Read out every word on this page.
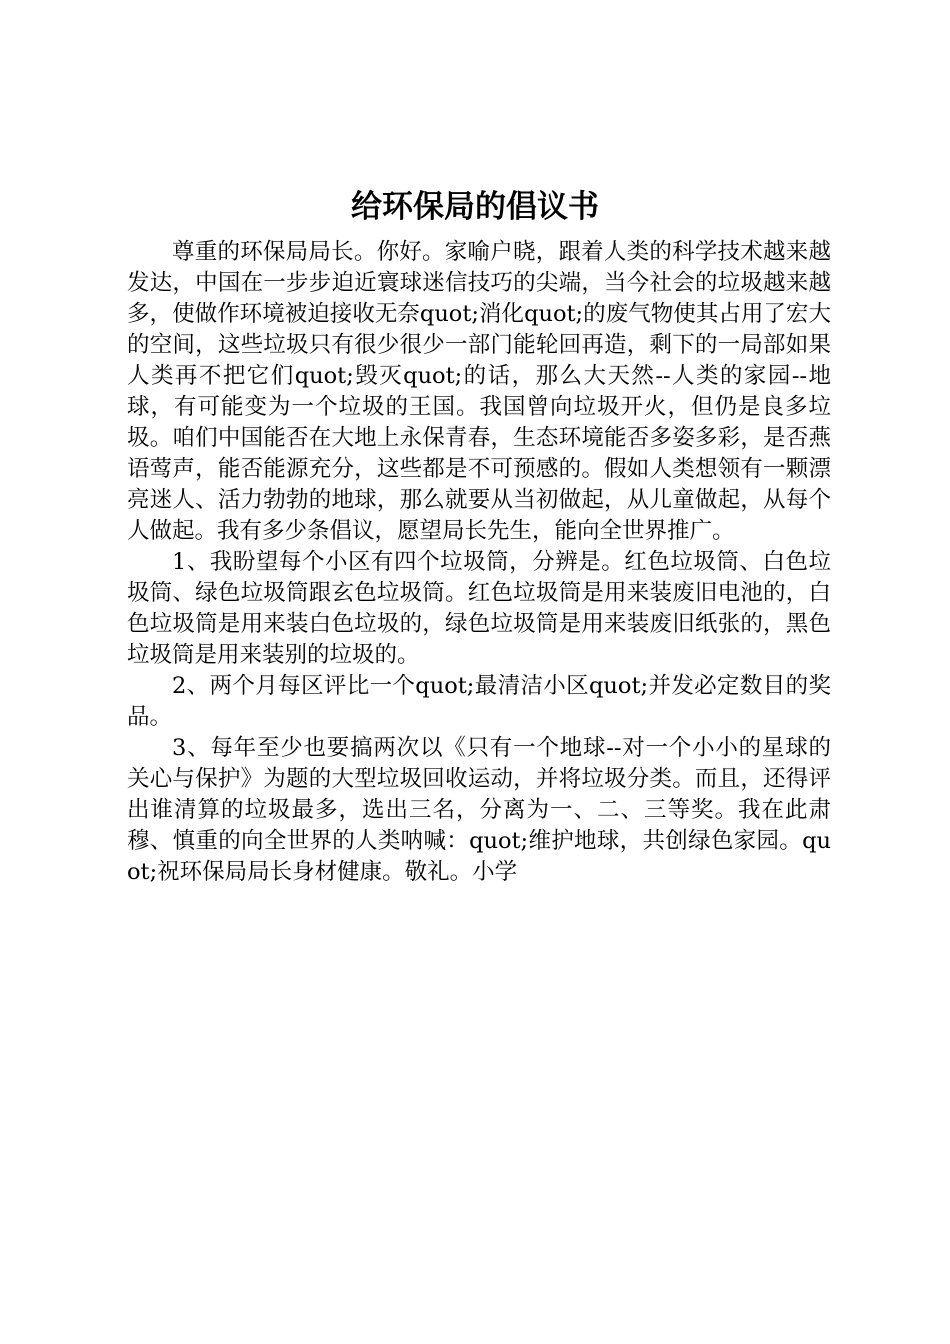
给环保局的倡议书

尊重的环保局局长。你好。家喻户晓，跟着人类的科学技术越来越发达，中国在一步步迫近寰球迷信技巧的尖端，当今社会的垃圾越来越多，使做作环境被迫接收无奈quot;消化quot;的废气物使其占用了宏大的空间，这些垃圾只有很少很少一部门能轮回再造，剩下的一局部如果人类再不把它们quot;毁灭quot;的话，那么大天然--人类的家园--地球，有可能变为一个垃圾的王国。我国曾向垃圾开火，但仍是良多垃圾。咱们中国能否在大地上永保青春，生态环境能否多姿多彩，是否燕语莺声，能否能源充分，这些都是不可预感的。假如人类想领有一颗漂亮迷人、活力勃勃的地球，那么就要从当初做起，从儿童做起，从每个人做起。我有多少条倡议，愿望局长先生，能向全世界推广。

1、我盼望每个小区有四个垃圾筒，分辨是。红色垃圾筒、白色垃圾筒、绿色垃圾筒跟玄色垃圾筒。红色垃圾筒是用来装废旧电池的，白色垃圾筒是用来装白色垃圾的，绿色垃圾筒是用来装废旧纸张的，黑色垃圾筒是用来装别的垃圾的。

2、两个月每区评比一个quot;最清洁小区quot;并发必定数目的奖品。

3、每年至少也要搞两次以《只有一个地球--对一个小小的星球的关心与保护》为题的大型垃圾回收运动，并将垃圾分类。而且，还得评出谁清算的垃圾最多，选出三名，分离为一、二、三等奖。我在此肃穆、慎重的向全世界的人类呐喊：quot;维护地球，共创绿色家园。quot;祝环保局局长身材健康。敬礼。小学
